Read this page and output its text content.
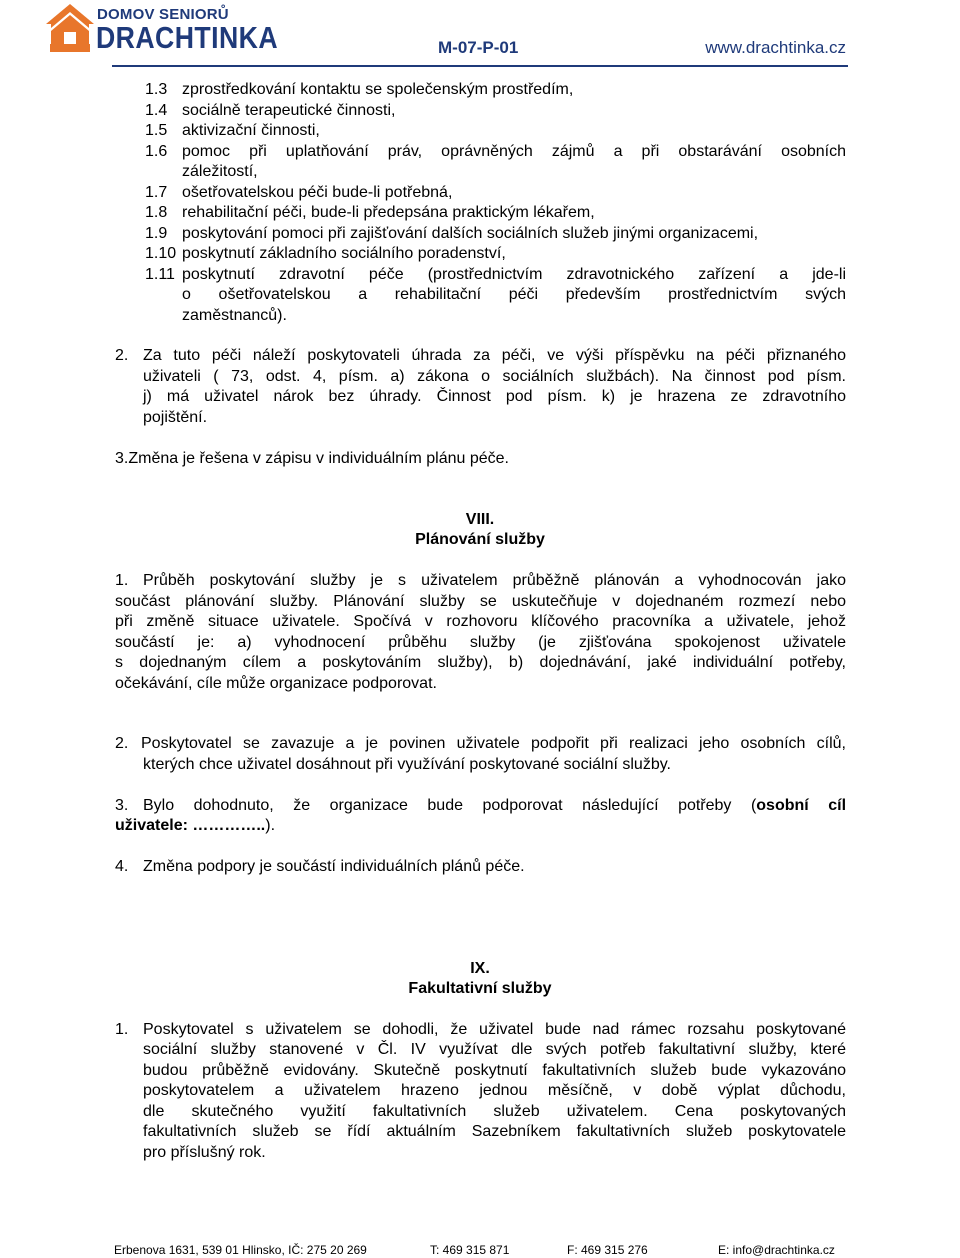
DOMOV SENIORŮ
DRACHTINKA	M-07-P-01	www.drachtinka.cz
1.3 zprostředkování kontaktu se společenským prostředím,
1.4 sociálně terapeutické činnosti,
1.5 aktivizační činnosti,
1.6 pomoc při uplatňování práv, oprávněných zájmů a při obstarávání osobních
záležitostí,
1.7 ošetřovatelskou péči bude-li potřebná,
1.8 rehabilitační péči, bude-li předepsána praktickým lékařem,
1.9 poskytování pomoci při zajišťování dalších sociálních služeb jinými organizacemi,
1.10 poskytnutí základního sociálního poradenství,
1.11 poskytnutí zdravotní péče (prostřednictvím zdravotnického zařízení a jde-li
o ošetřovatelskou a rehabilitační péči především prostřednictvím svých
zaměstnanců).
2. Za tuto péči náleží poskytovateli úhrada za péči, ve výši příspěvku na péči přiznaného
uživateli ( 73, odst. 4, písm. a) zákona o sociálních službách). Na činnost pod písm.
j) má uživatel nárok bez úhrady. Činnost pod písm. k) je hrazena ze zdravotního
pojištění.
3.Změna je řešena v zápisu v individuálním plánu péče.
VIII.
Plánování služby
1. Průběh poskytování služby je s uživatelem průběžně plánován a vyhodnocován jako
součást plánování služby. Plánování služby se uskutečňuje v dojednaném rozmezí nebo
při změně situace uživatele. Spočívá v rozhovoru klíčového pracovníka a uživatele, jehož
součástí je: a) vyhodnocení průběhu služby (je zjišťována spokojenost uživatele
s dojednaným cílem a poskytováním služby), b) dojednávání, jaké individuální potřeby,
očekávání, cíle může organizace podporovat.
2. Poskytovatel se zavazuje a je povinen uživatele podpořit při realizaci jeho osobních cílů,
kterých chce uživatel dosáhnout při využívání poskytované sociální služby.
3. Bylo dohodnuto, že organizace bude podporovat následující potřeby (osobní cíl
uživatele: …………..).
4. Změna podpory je součástí individuálních plánů péče.
IX.
Fakultativní služby
1. Poskytovatel s uživatelem se dohodli, že uživatel bude nad rámec rozsahu poskytované
sociální služby stanovené v Čl. IV využívat dle svých potřeb fakultativní služby, které
budou průběžně evidovány. Skutečně poskytnutí fakultativních služeb bude vykazováno
poskytovatelem a uživatelem hrazeno jednou měsíčně, v době výplat důchodu,
dle skutečného využití fakultativních služeb uživatelem. Cena poskytovaných
fakultativních služeb se řídí aktuálním Sazebníkem fakultativních služeb poskytovatele
pro příslušný rok.
Erbenova 1631, 539 01 Hlinsko, IČ: 275 20 269	T: 469 315 871	F: 469 315 276	E: info@drachtinka.cz
